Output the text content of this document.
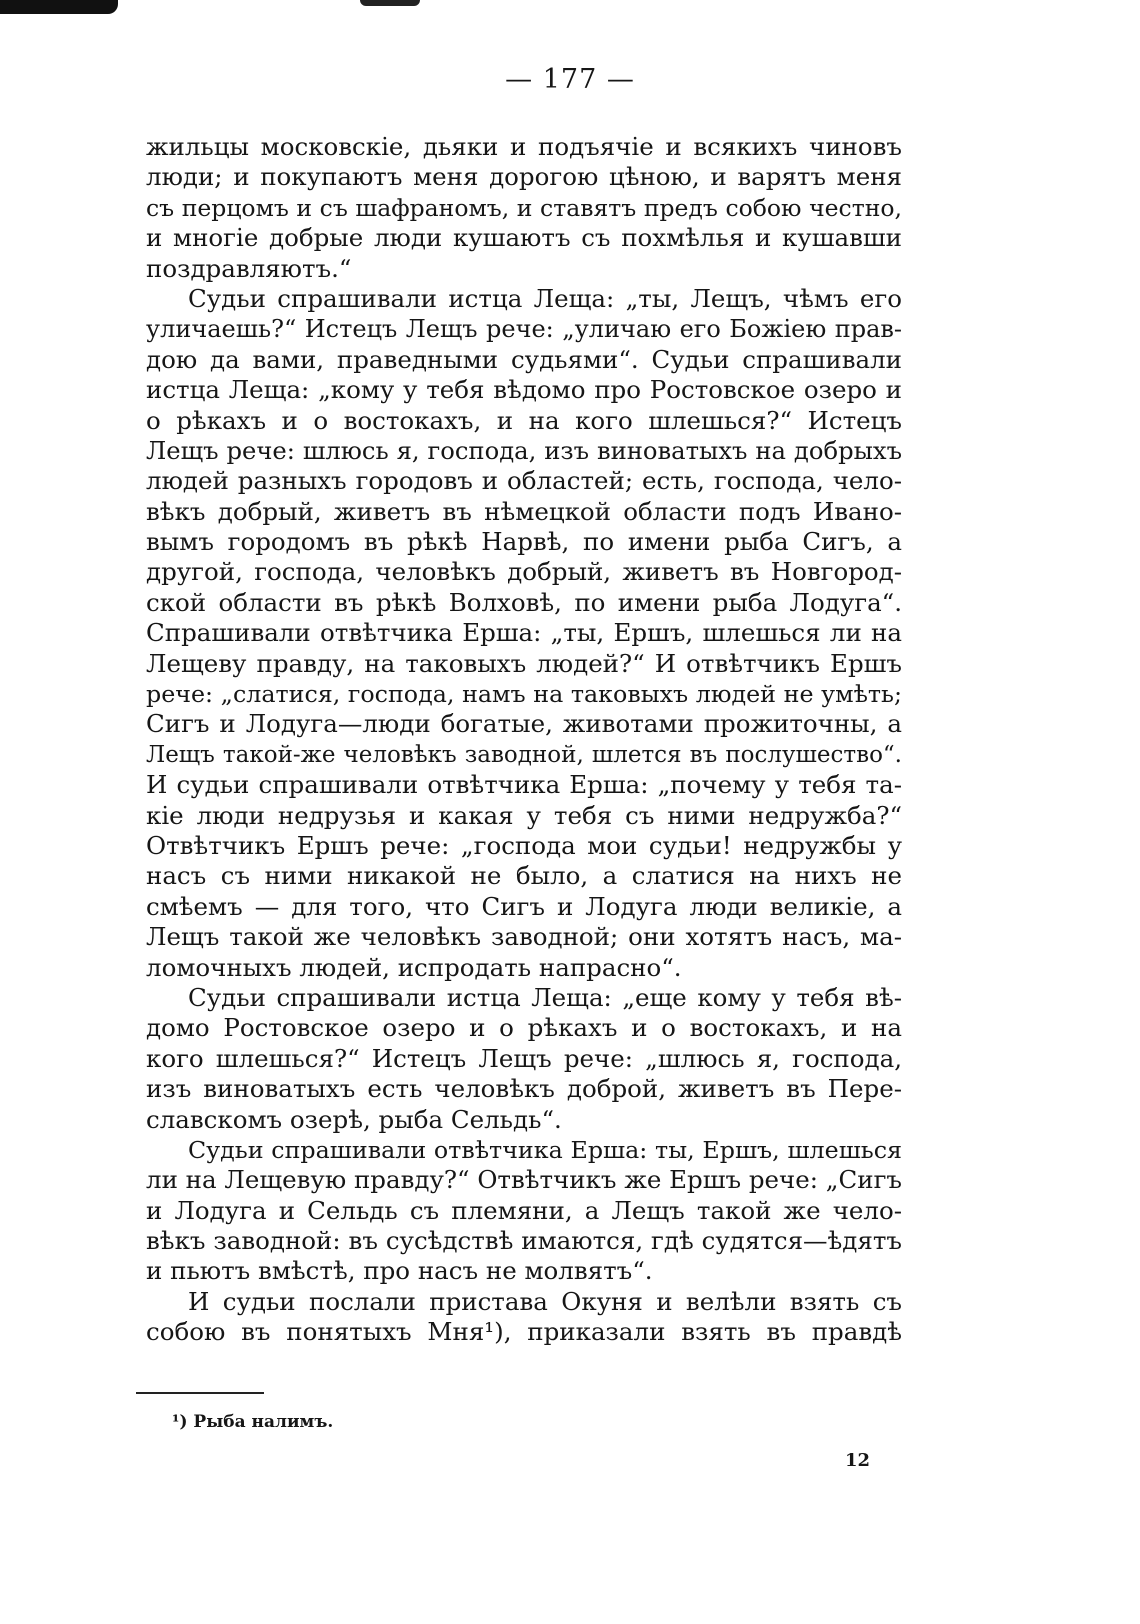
— 177 —
жильцы московскіе, дьяки и подъячіе и всякихъ чиновъ
люди; и покупаютъ меня дорогою цѣною, и варятъ меня
съ перцомъ и съ шафраномъ, и ставятъ предъ собою честно,
и многіе добрые люди кушаютъ съ похмѣлья и кушавши
поздравляютъ.“
Судьи спрашивали истца Леща: „ты, Лещъ, чѣмъ его
уличаешь?“ Истецъ Лещъ рече: „уличаю его Божіею прав-
дою да вами, праведными судьями“. Судьи спрашивали
истца Леща: „кому у тебя вѣдомо про Ростовское озеро и
о рѣкахъ и о востокахъ, и на кого шлешься?“ Истецъ
Лещъ рече: шлюсь я, господа, изъ виноватыхъ на добрыхъ
людей разныхъ городовъ и областей; есть, господа, чело-
вѣкъ добрый, живетъ въ нѣмецкой области подъ Ивано-
вымъ городомъ въ рѣкѣ Нарвѣ, по имени рыба Сигъ, а
другой, господа, человѣкъ добрый, живетъ въ Новгород-
ской области въ рѣкѣ Волховѣ, по имени рыба Лодуга“.
Спрашивали отвѣтчика Ерша: „ты, Ершъ, шлешься ли на
Лещеву правду, на таковыхъ людей?“ И отвѣтчикъ Ершъ
рече: „слатися, господа, намъ на таковыхъ людей не умѣть;
Сигъ и Лодуга—люди богатые, животами прожиточны, а
Лещъ такой-же человѣкъ заводной, шлется въ послушество“.
И судьи спрашивали отвѣтчика Ерша: „почему у тебя та-
кіе люди недрузья и какая у тебя съ ними недружба?“
Отвѣтчикъ Ершъ рече: „господа мои судьи! недружбы у
насъ съ ними никакой не было, а слатися на нихъ не
смѣемъ — для того, что Сигъ и Лодуга люди великіе, а
Лещъ такой же человѣкъ заводной; они хотятъ насъ, ма-
ломочныхъ людей, испродать напрасно“.
Судьи спрашивали истца Леща: „еще кому у тебя вѣ-
домо Ростовское озеро и о рѣкахъ и о востокахъ, и на
кого шлешься?“ Истецъ Лещъ рече: „шлюсь я, господа,
изъ виноватыхъ есть человѣкъ доброй, живетъ въ Пере-
славскомъ озерѣ, рыба Сельдь“.
Судьи спрашивали отвѣтчика Ерша: ты, Ершъ, шлешься
ли на Лещевую правду?“ Отвѣтчикъ же Ершъ рече: „Сигъ
и Лодуга и Сельдь съ племяни, а Лещъ такой же чело-
вѣкъ заводной: въ сусѣдствѣ имаются, гдѣ судятся—ѣдятъ
и пьютъ вмѣстѣ, про насъ не молвятъ“.
И судьи послали пристава Окуня и велѣли взять съ
собою въ понятыхъ Мня¹), приказали взять въ правдѣ
¹) Рыба налимъ.
12
